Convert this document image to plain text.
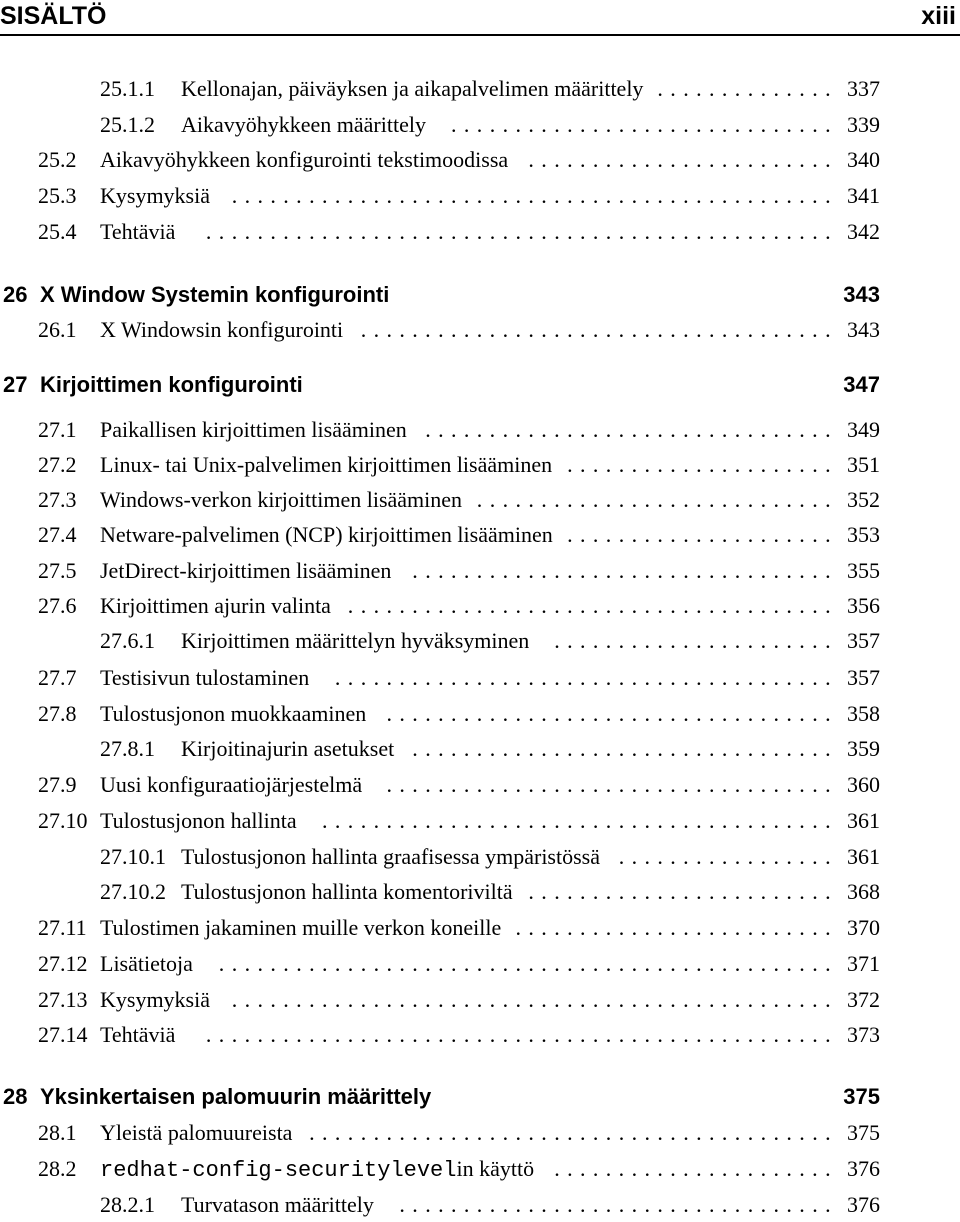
SISÄLTÖ	xiii
25.1.1 Kellonajan, päiväyksen ja aikapalvelimen määrittely .............. 337
25.1.2 Aikavyöhykkeen määrittely	.............................. 339
25.2 Aikavyöhykkeen konfigurointi tekstimoodissa ........................ 340
25.3 Kysymyksiä ............................................... 341
25.4 Tehtäviä	................................................. 342
26 X Window Systemin konfigurointi	343
26.1 X Windowsin konfigurointi ..................................... 343
27 Kirjoittimen konfigurointi	347
27.1 Paikallisen kirjoittimen lisääminen ................................ 349
27.2 Linux- tai Unix-palvelimen kirjoittimen lisääminen ..................... 351
27.3 Windows-verkon kirjoittimen lisääminen ............................ 352
27.4 Netware-palvelimen (NCP) kirjoittimen lisääminen ..................... 353
27.5 JetDirect-kirjoittimen lisääminen ................................. 355
27.6 Kirjoittimen ajurin valinta ...................................... 356
27.6.1 Kirjoittimen määrittelyn hyväksyminen	...................... 357
27.7 Testisivun tulostaminen	....................................... 357
27.8 Tulostusjonon muokkaaminen ................................... 358
27.8.1 Kirjoitinajurin asetukset ................................. 359
27.9 Uusi konfiguraatiojärjestelmä	................................... 360
27.10 Tulostusjonon hallinta	........................................ 361
27.10.1 Tulostusjonon hallinta graafisessa ympäristössä ................. 361
27.10.2 Tulostusjonon hallinta komentoriviltä ........................ 368
27.11 Tulostimen jakaminen muille verkon koneille ......................... 370
27.12 Lisätietoja	................................................ 371
27.13 Kysymyksiä ............................................... 372
27.14 Tehtäviä	................................................. 373
28 Yksinkertaisen palomuurin määrittely	375
28.1 Yleistä palomuureista ......................................... 375
28.2 redhat-config-securitylevelin käyttö ...................... 376
28.2.1 Turvatason määrittely	.................................. 376
